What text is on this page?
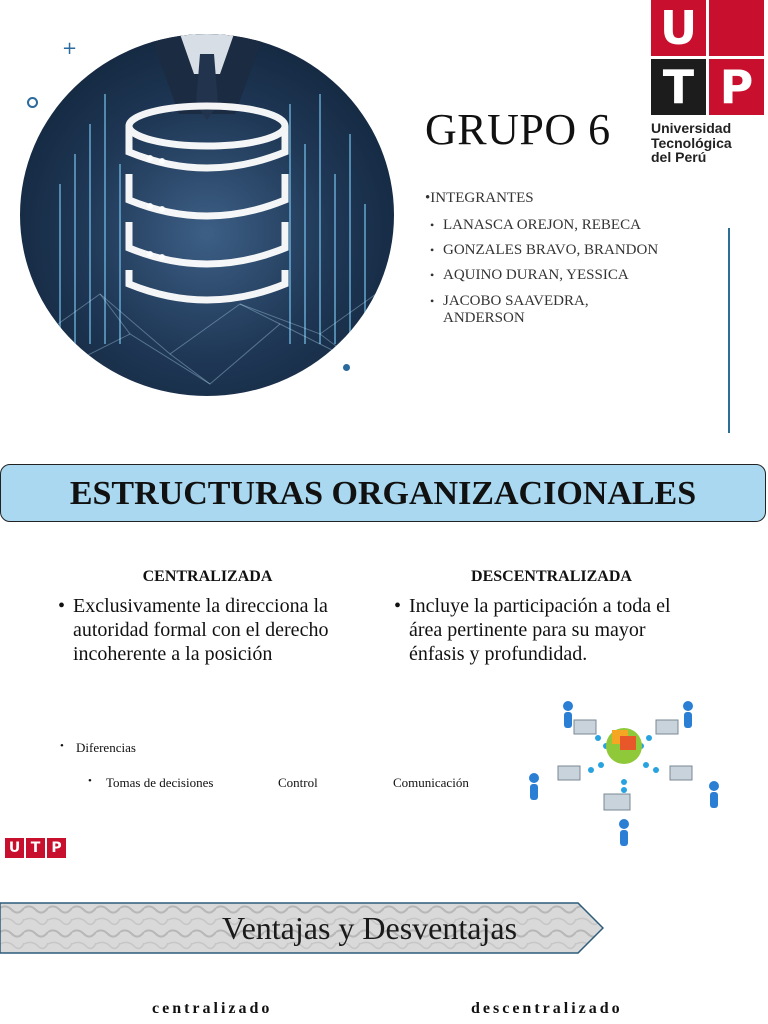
+
GRUPO 6
U
T P
Universidad
Tecnológica
del Perú
•INTEGRANTES
• LANASCA OREJON, REBECA
• GONZALES BRAVO, BRANDON
• AQUINO DURAN, YESSICA
• JACOBO SAAVEDRA, ANDERSON
ESTRUCTURAS ORGANIZACIONALES
CENTRALIZADA
• Exclusivamente la direcciona la autoridad formal con el derecho incoherente a la posición
DESCENTRALIZADA
• Incluye la participación a toda el área pertinente para su mayor énfasis y profundidad.
• Diferencias
• Tomas de decisiones	Control	Comunicación
U T P
Ventajas y Desventajas
centralizado	descentralizado
